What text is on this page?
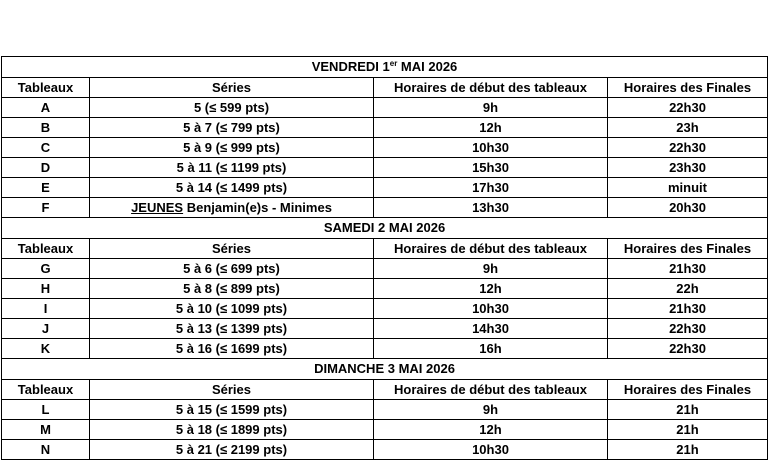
VENDREDI 1er MAI 2026			
Tableaux	Séries	Horaires de début des tableaux	Horaires des Finales
A	5 (≤ 599 pts)	9h	22h30
B	5 à 7 (≤ 799 pts)	12h	23h
C	5 à 9 (≤ 999 pts)	10h30	22h30
D	5 à 11 (≤ 1199 pts)	15h30	23h30
E	5 à 14 (≤ 1499 pts)	17h30	minuit
F	JEUNES Benjamin(e)s - Minimes	13h30	20h30
SAMEDI 2 MAI 2026			
Tableaux	Séries	Horaires de début des tableaux	Horaires des Finales
G	5 à 6 (≤ 699 pts)	9h	21h30
H	5 à 8 (≤ 899 pts)	12h	22h
I	5 à 10 (≤ 1099 pts)	10h30	21h30
J	5 à 13 (≤ 1399 pts)	14h30	22h30
K	5 à 16 (≤ 1699 pts)	16h	22h30
DIMANCHE 3 MAI 2026			
Tableaux	Séries	Horaires de début des tableaux	Horaires des Finales
L	5 à 15 (≤ 1599 pts)	9h	21h
M	5 à 18 (≤ 1899 pts)	12h	21h
N	5 à 21 (≤ 2199 pts)	10h30	21h
